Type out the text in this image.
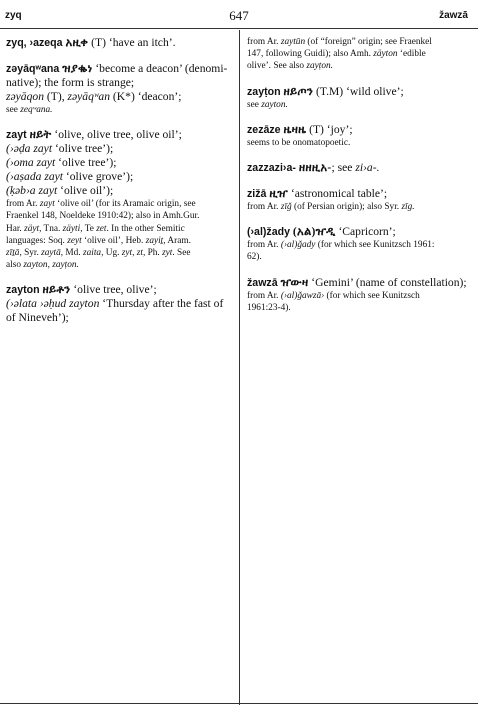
zyq	647	žawzā
zyq, ›azeqa አዚቀ (T) ‘have an itch’.
zəyāqʷana ዝያቈነ ‘become a deacon’ (denomi-
native); the form is strange;
zəyāqon (T), zəyāqʷan (K*) ‘deacon’;
see zeqʷana.
zayt ዘይት ‘olive, olive tree, olive oil’;
(›əḍa zayt ‘olive tree’);
(›oma zayt ‘olive tree’);
(›aṣada zayt ‘olive grove’);
(ḳəb›a zayt ‘olive oil’);
from Ar. zayt ‘olive oil’ (for its Aramaic origin, see
Fraenkel 148, Noeldeke 1910:42); also in Amh.Gur.
Har. zäyt, Tna. zäyti, Te zet. In the other Semitic
languages: Soq. zeyt ‘olive oil’, Heb. zayiṯ, Aram.
zīṯā, Syr. zaytā, Md. zaita, Ug. zyt, zt, Ph. zyt. See
also zayton, zayṭon.
zayton ዘይቶን ‘olive tree, olive’;
(›əlata ›əḥud zayton ‘Thursday after the fast of
of Nineveh’);
from Ar. zaytūn (of “foreign” origin; see Fraenkel
147, following Guidi); also Amh. zäyton ‘edible
olive’. See also zayṭon.
zayṭon ዘይጦን (T.M) ‘wild olive’;
see zayton.
zezāze ዜዛዜ (T) ‘joy’;
seems to be onomatopoetic.
zazzazi›a- ዘዘዚአ-; see zi›a-.
zižā ዚዠ ‘astronomical table’;
from Ar. zīǧ (of Persian origin); also Syr. zīg.
(›al)žady (አል)ዠዲ ‘Capricorn’;
from Ar. (›al)ǧady (for which see Kunitzsch 1961:
62).
žawzā ዠውዛ ‘Gemini’ (name of constellation);
from Ar. (›al)ǧawzā› (for which see Kunitzsch
1961:23-4).
